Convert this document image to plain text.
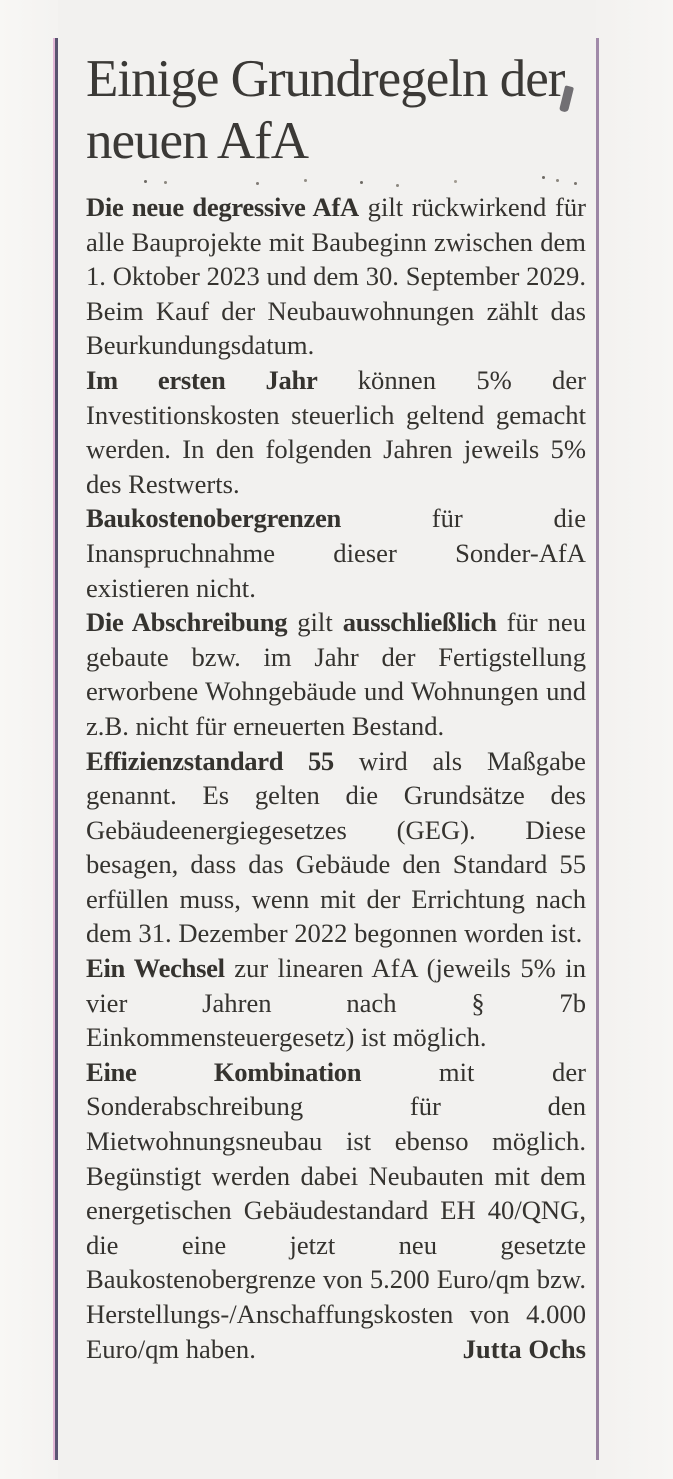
Einige Grundregeln der neuen AfA

Die neue degressive AfA gilt rückwirkend für alle Bauprojekte mit Baubeginn zwischen dem 1. Oktober 2023 und dem 30. September 2029. Beim Kauf der Neubauwohnungen zählt das Beurkundungsdatum.

Im ersten Jahr können 5% der Investitionskosten steuerlich geltend gemacht werden. In den folgenden Jahren jeweils 5% des Restwerts.

Baukostenobergrenzen für die Inanspruchnahme dieser Sonder-AfA existieren nicht.

Die Abschreibung gilt ausschließlich für neu gebaute bzw. im Jahr der Fertigstellung erworbene Wohngebäude und Wohnungen und z.B. nicht für erneuerten Bestand.

Effizienzstandard 55 wird als Maßgabe genannt. Es gelten die Grundsätze des Gebäudeenergiegesetzes (GEG). Diese besagen, dass das Gebäude den Standard 55 erfüllen muss, wenn mit der Errichtung nach dem 31. Dezember 2022 begonnen worden ist.

Ein Wechsel zur linearen AfA (jeweils 5% in vier Jahren nach § 7b Einkommensteuergesetz) ist möglich.

Eine Kombination mit der Sonderabschreibung für den Mietwohnungsneubau ist ebenso möglich. Begünstigt werden dabei Neubauten mit dem energetischen Gebäudestandard EH 40/QNG, die eine jetzt neu gesetzte Baukostenobergrenze von 5.200 Euro/qm bzw. Herstellungs-/Anschaffungskosten von 4.000 Euro/qm haben.	Jutta Ochs
